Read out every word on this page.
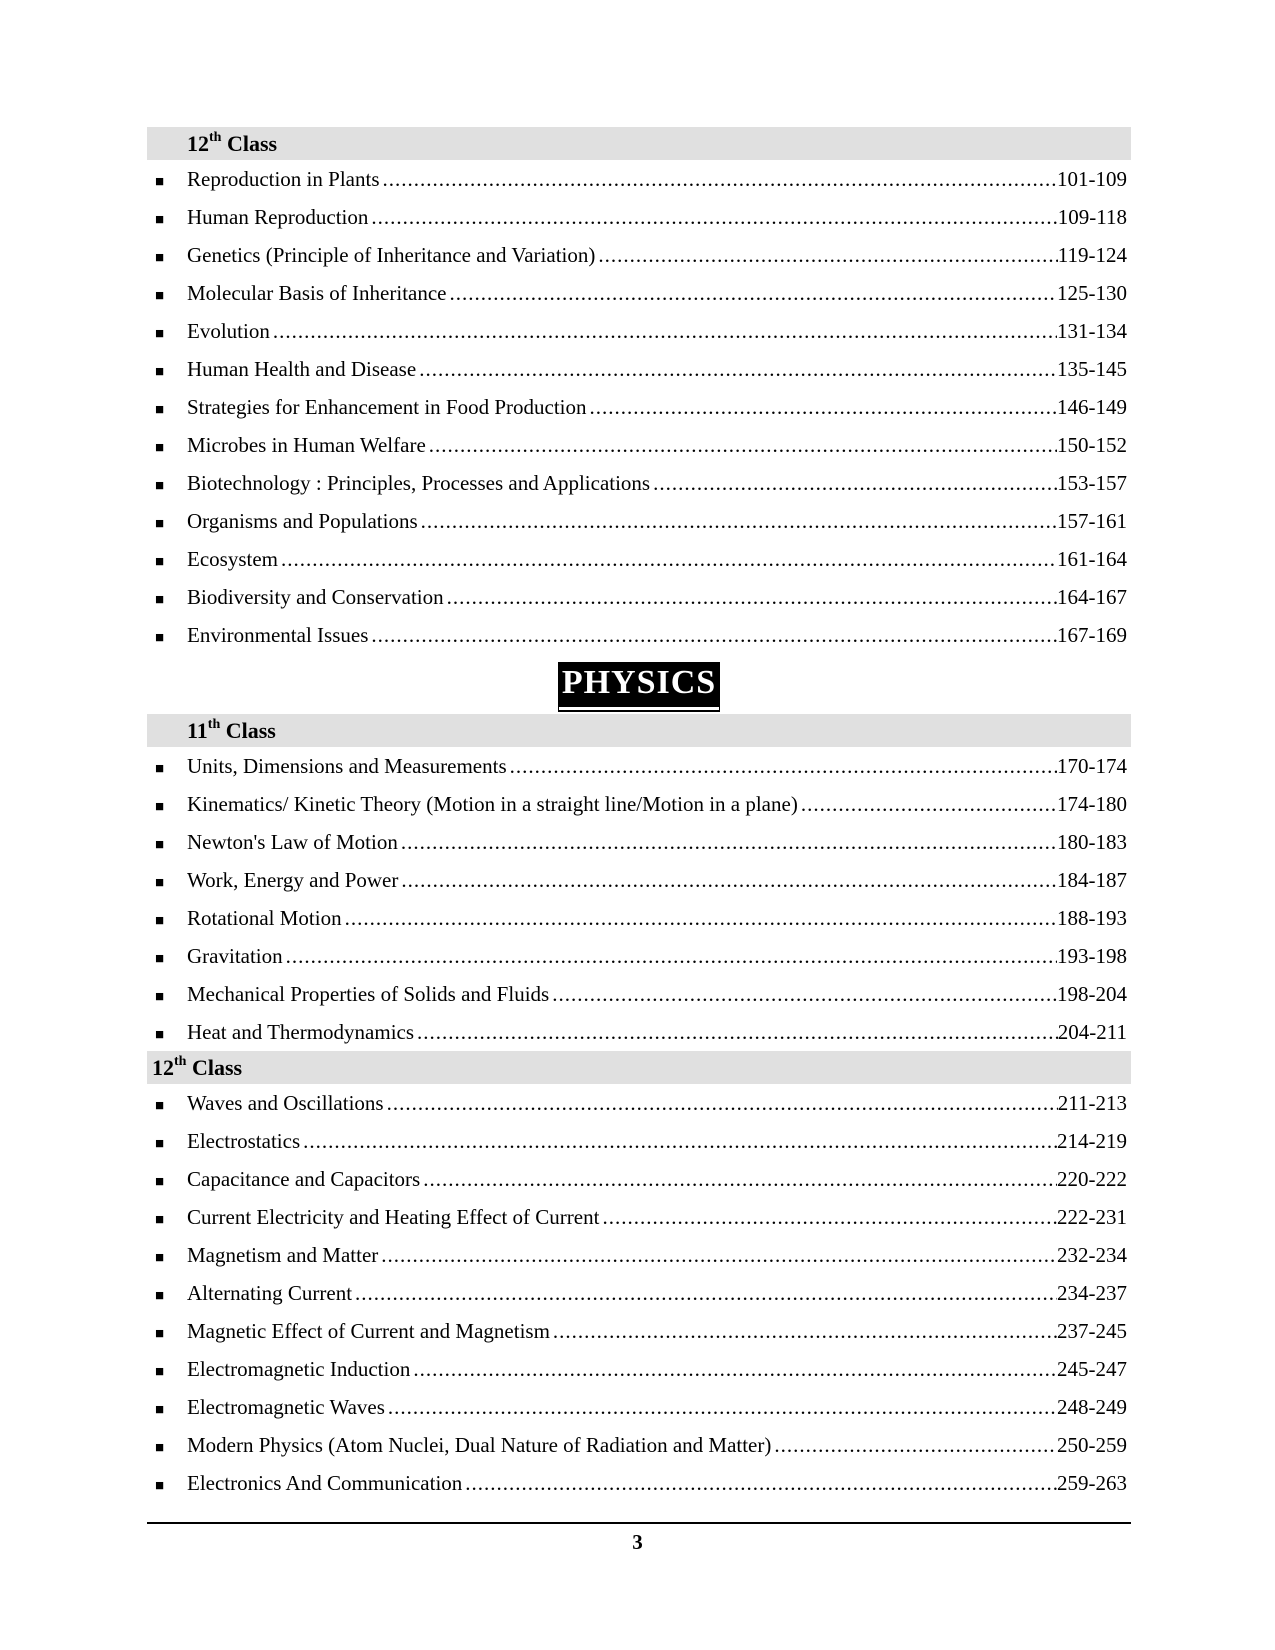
12th Class
■	Reproduction in Plants .....	101-109
■	Human Reproduction .....	109-118
■	Genetics (Principle of Inheritance and Variation) .....	119-124
■	Molecular Basis of Inheritance .....	125-130
■	Evolution .....	131-134
■	Human Health and Disease .....	135-145
■	Strategies for Enhancement in Food Production .....	146-149
■	Microbes in Human Welfare .....	150-152
■	Biotechnology : Principles, Processes and Applications .....	153-157
■	Organisms and Populations .....	157-161
■	Ecosystem .....	161-164
■	Biodiversity and Conservation .....	164-167
■	Environmental Issues .....	167-169
PHYSICS
11th Class
■	Units, Dimensions and Measurements .....	170-174
■	Kinematics/ Kinetic Theory (Motion in a straight line/Motion in a plane) .....	174-180
■	Newton's Law of Motion .....	180-183
■	Work, Energy and Power .....	184-187
■	Rotational Motion .....	188-193
■	Gravitation .....	193-198
■	Mechanical Properties of Solids and Fluids .....	198-204
■	Heat and Thermodynamics .....	204-211
12th Class
■	Waves and Oscillations .....	211-213
■	Electrostatics .....	214-219
■	Capacitance and Capacitors .....	220-222
■	Current Electricity and Heating Effect of Current .....	222-231
■	Magnetism and Matter .....	232-234
■	Alternating Current .....	234-237
■	Magnetic Effect of Current and Magnetism .....	237-245
■	Electromagnetic Induction .....	245-247
■	Electromagnetic Waves .....	248-249
■	Modern Physics (Atom Nuclei, Dual Nature of Radiation and Matter) .....	250-259
■	Electronics And Communication .....	259-263
3
